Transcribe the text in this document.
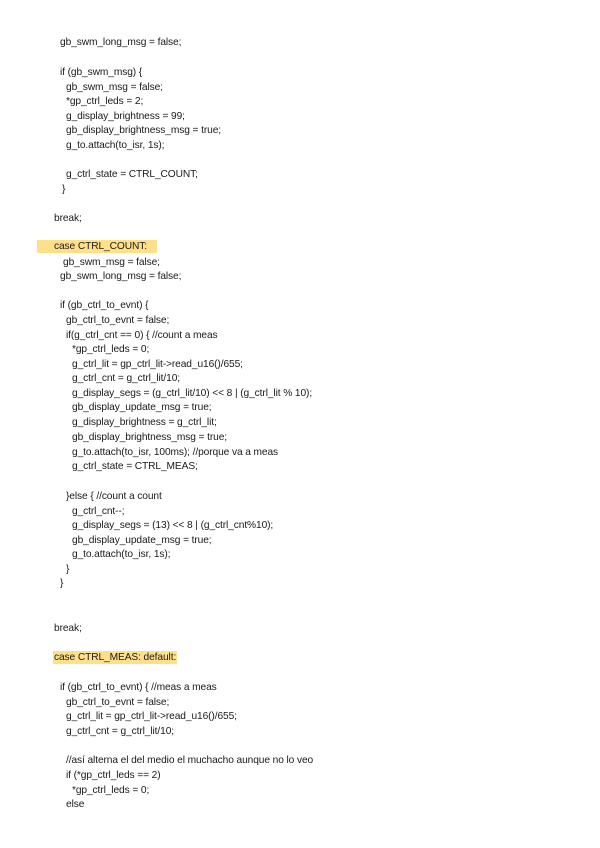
gb_swm_long_msg = false;
if (gb_swm_msg) {
gb_swm_msg = false;
*gp_ctrl_leds = 2;
g_display_brightness = 99;
gb_display_brightness_msg = true;
g_to.attach(to_isr, 1s);
g_ctrl_state = CTRL_COUNT;
}
break;
case CTRL_COUNT:
gb_swm_msg = false;
gb_swm_long_msg = false;
if (gb_ctrl_to_evnt) {
gb_ctrl_to_evnt = false;
if(g_ctrl_cnt == 0) { //count a meas
*gp_ctrl_leds = 0;
g_ctrl_lit = gp_ctrl_lit->read_u16()/655;
g_ctrl_cnt = g_ctrl_lit/10;
g_display_segs = (g_ctrl_lit/10) << 8 | (g_ctrl_lit % 10);
gb_display_update_msg = true;
g_display_brightness = g_ctrl_lit;
gb_display_brightness_msg = true;
g_to.attach(to_isr, 100ms); //porque va a meas
g_ctrl_state = CTRL_MEAS;
}else { //count a count
g_ctrl_cnt--;
g_display_segs = (13) << 8 | (g_ctrl_cnt%10);
gb_display_update_msg = true;
g_to.attach(to_isr, 1s);
}
}
break;
case CTRL_MEAS: default:
if (gb_ctrl_to_evnt) { //meas a meas
gb_ctrl_to_evnt = false;
g_ctrl_lit = gp_ctrl_lit->read_u16()/655;
g_ctrl_cnt = g_ctrl_lit/10;
//así alterna el del medio el muchacho aunque no lo veo
if (*gp_ctrl_leds == 2)
*gp_ctrl_leds = 0;
else
